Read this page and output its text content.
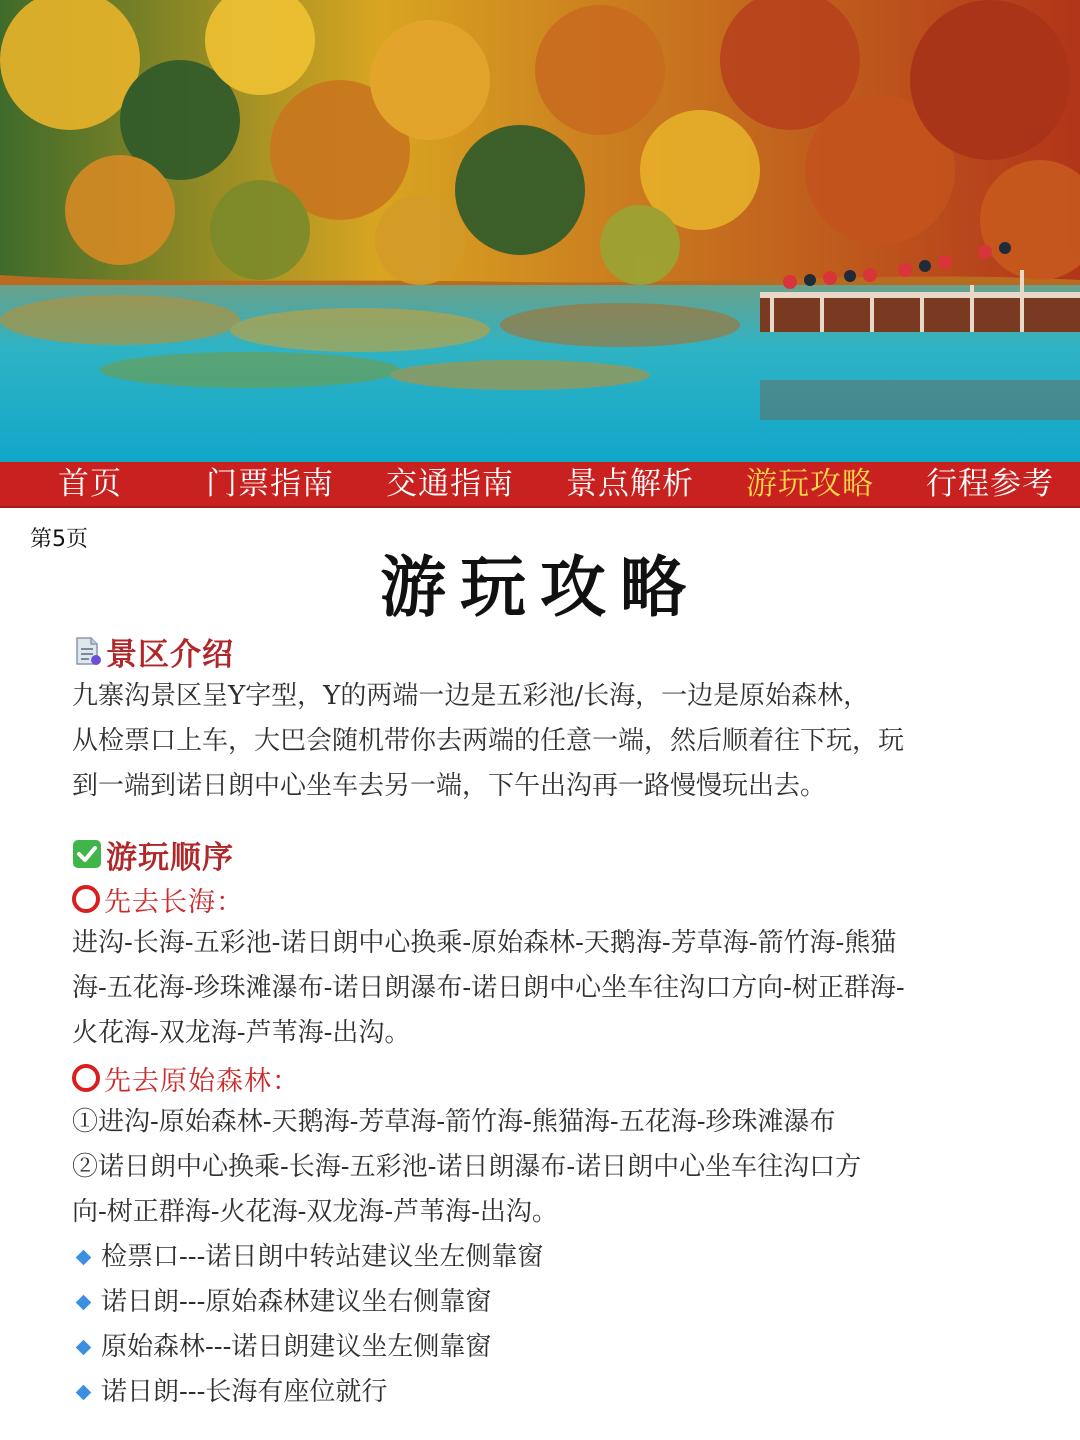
首页	门票指南	交通指南	景点解析	游玩攻略	行程参考
第5页
游玩攻略
景区介绍

九寨沟景区呈Y字型，Y的两端一边是五彩池/长海，一边是原始森林，

从检票口上车，大巴会随机带你去两端的任意一端，然后顺着往下玩，玩

到一端到诺日朗中心坐车去另一端，下午出沟再一路慢慢玩出去。

游玩顺序
先去长海：

进沟-长海-五彩池-诺日朗中心换乘-原始森林-天鹅海-芳草海-箭竹海-熊猫

海-五花海-珍珠滩瀑布-诺日朗瀑布-诺日朗中心坐车往沟口方向-树正群海-

火花海-双龙海-芦苇海-出沟。

先去原始森林：

①进沟-原始森林-天鹅海-芳草海-箭竹海-熊猫海-五花海-珍珠滩瀑布

②诺日朗中心换乘-长海-五彩池-诺日朗瀑布-诺日朗中心坐车往沟口方

向-树正群海-火花海-双龙海-芦苇海-出沟。

检票口---诺日朗中转站建议坐左侧靠窗
诺日朗---原始森林建议坐右侧靠窗
原始森林---诺日朗建议坐左侧靠窗
诺日朗---长海有座位就行
